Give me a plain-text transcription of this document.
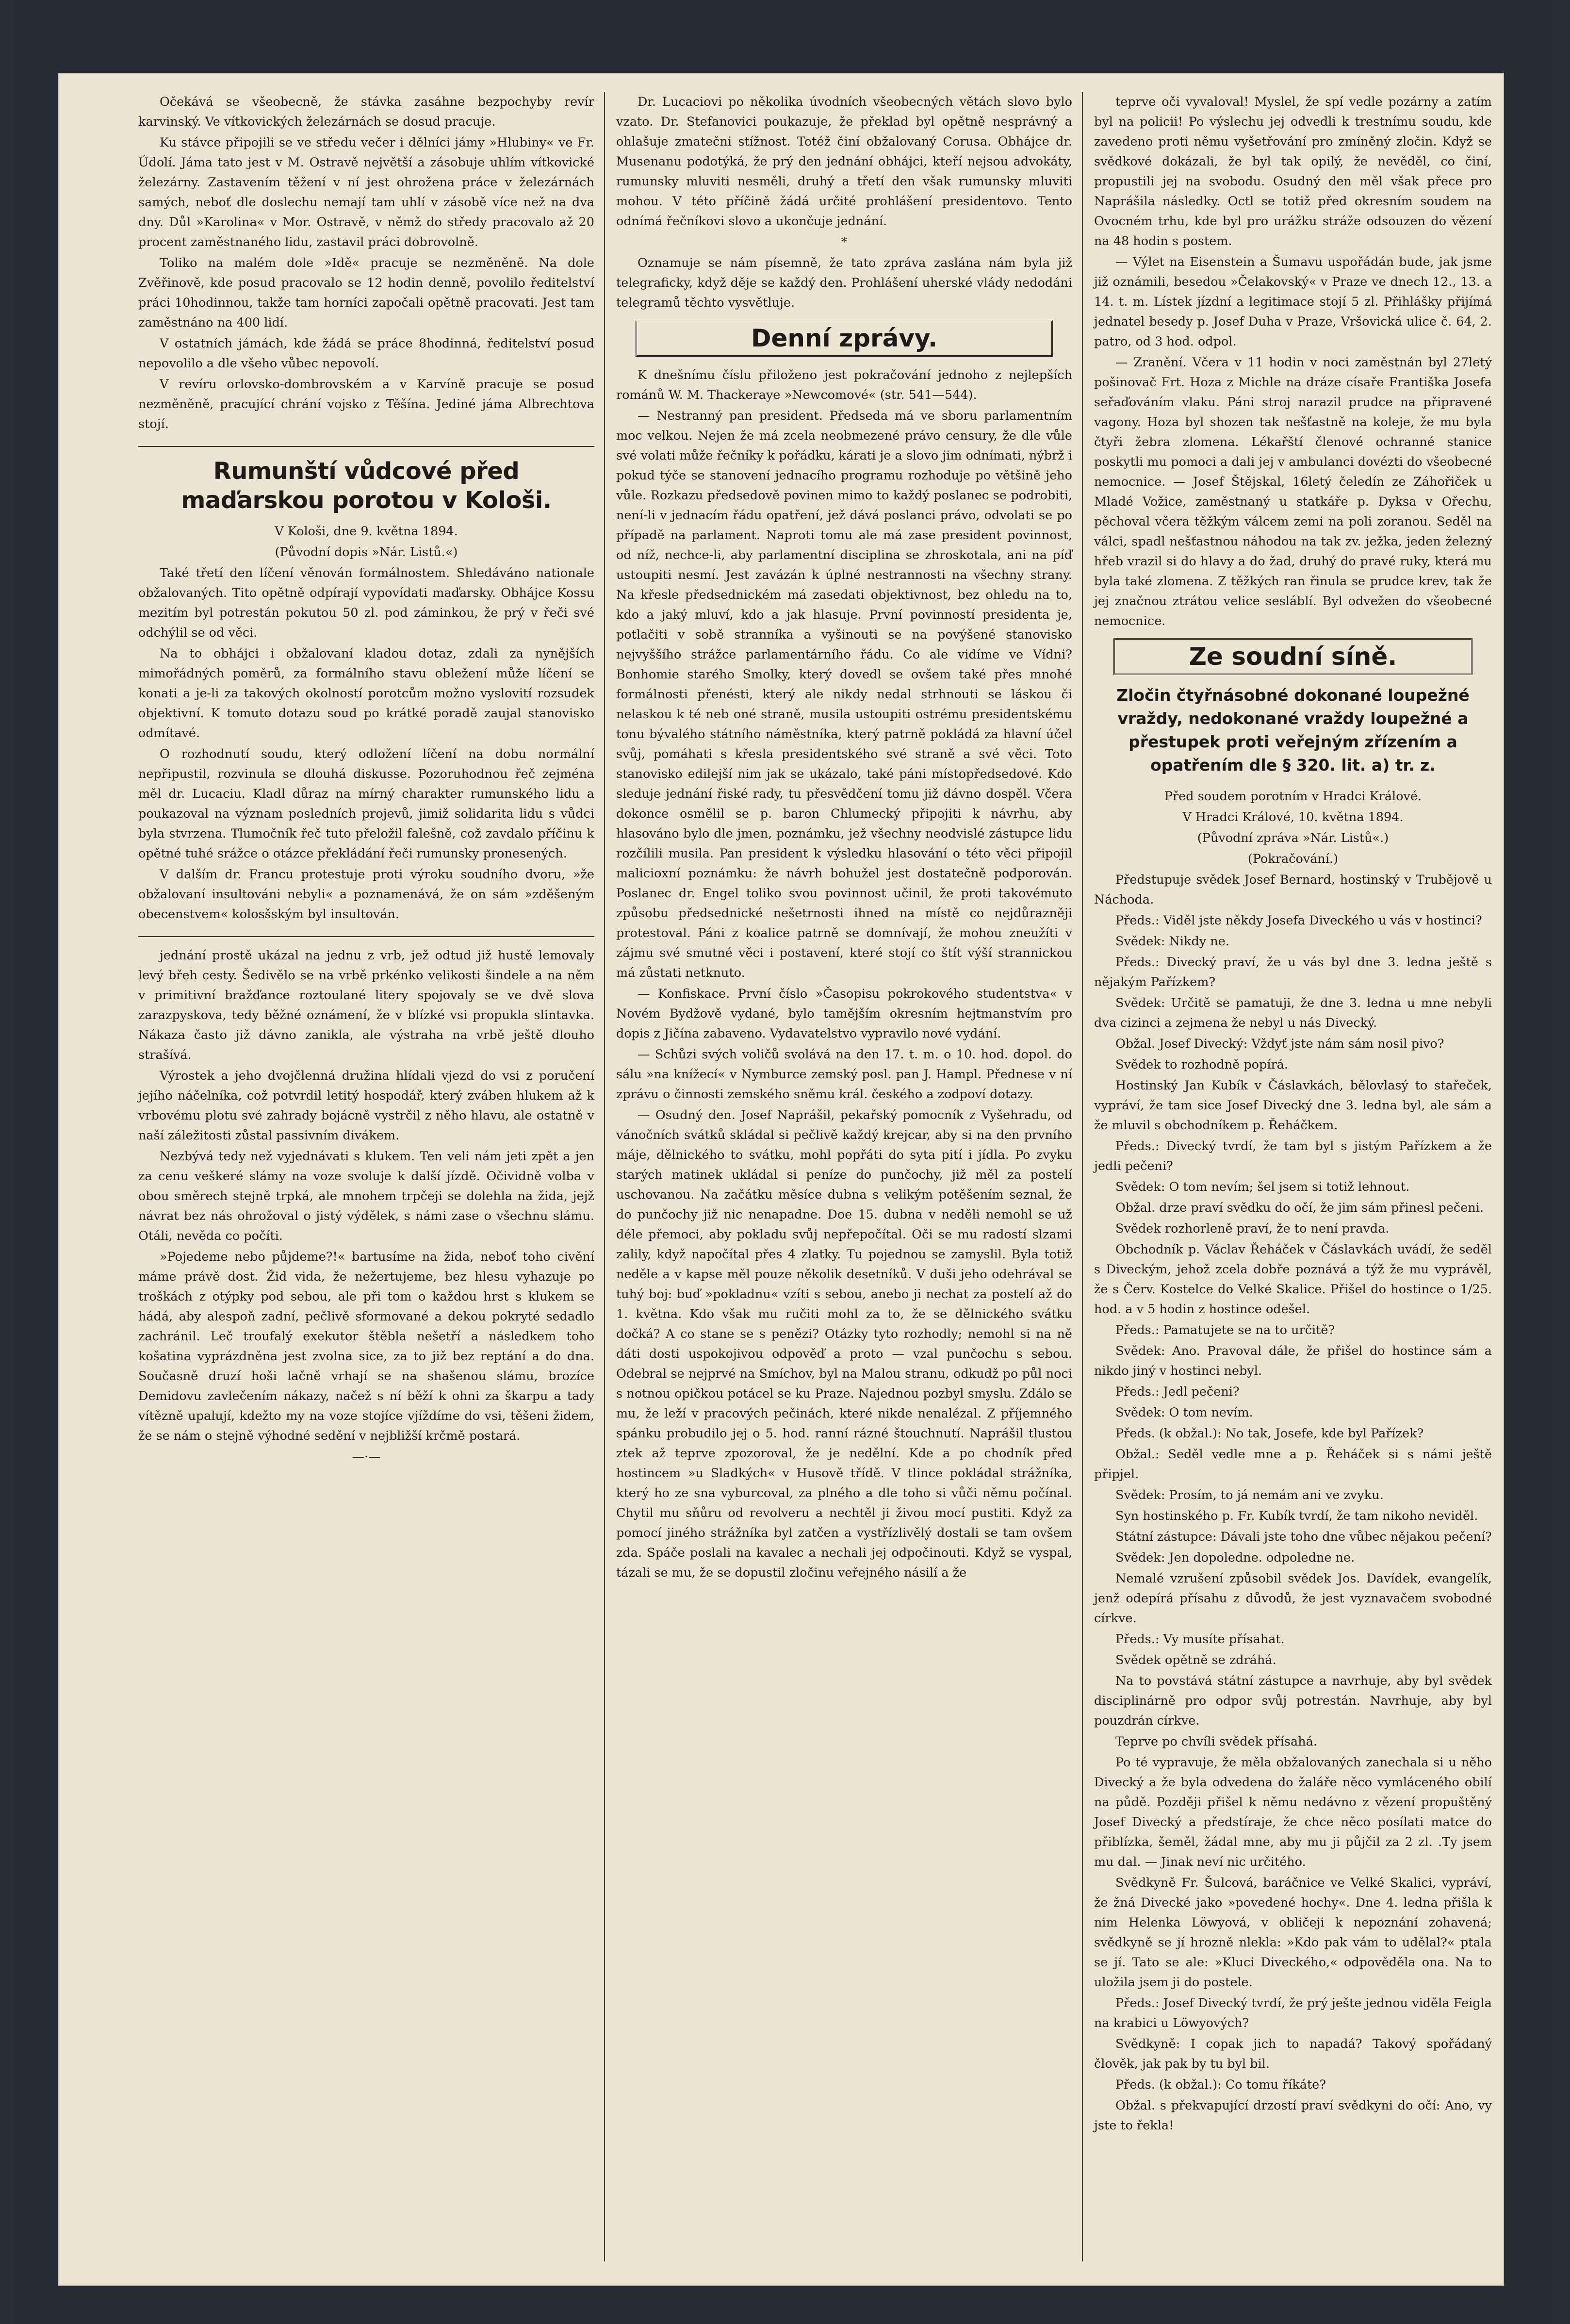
Očekává se všeobecně, že stávka zasáhne bezpochyby revír karvinský. Ve vítkovických železárnách se dosud pracuje.

Ku stávce připojili se ve středu večer i dělníci jámy »Hlubiny« ve Fr. Údolí. Jáma tato jest v M. Ostravě největší a zásobuje uhlím vítkovické železárny. Zastavením těžení v ní jest ohrožena práce v železárnách samých, neboť dle doslechu nemají tam uhlí v zásobě více než na dva dny. Důl »Karolina« v Mor. Ostravě, v němž do středy pracovalo až 20 procent zaměstnaného lidu, zastavil práci dobrovolně.

Toliko na malém dole »Idě« pracuje se nezměněně. Na dole Zvěřinově, kde posud pracovalo se 12 hodin denně, povolilo ředitelství práci 10hodinnou, takže tam horníci započali opětně pracovati. Jest tam zaměstnáno na 400 lidí.

V ostatních jámách, kde žádá se práce 8hodinná, ředitelství posud nepovolilo a dle všeho vůbec nepovolí.

V revíru orlovsko-dombrovském a v Karvíně pracuje se posud nezměněně, pracující chrání vojsko z Těšína. Jediné jáma Albrechtova stojí.

Rumunští vůdcové před maďarskou porotou v Kološi.

V Kološi, dne 9. května 1894.

(Původní dopis »Nár. Listů.«)

Také třetí den líčení věnován formálnostem. Shledáváno nationale obžalovaných. Tito opětně odpírají vypovídati maďarsky. Obhájce Kossu mezitím byl potrestán pokutou 50 zl. pod záminkou, že prý v řeči své odchýlil se od věci.

Na to obhájci i obžalovaní kladou dotaz, zdali za nynějších mimořádných poměrů, za formálního stavu obležení může líčení se konati a je-li za takových okolností porotcům možno vyslovití rozsudek objektivní. K tomuto dotazu soud po krátké poradě zaujal stanovisko odmítavé.

O rozhodnutí soudu, který odložení líčení na dobu normální nepřipustil, rozvinula se dlouhá diskusse. Pozoruhodnou řeč zejména měl dr. Lucaciu. Kladl důraz na mírný charakter rumunského lidu a poukazoval na význam posledních projevů, jimiž solidarita lidu s vůdci byla stvrzena. Tlumočník řeč tuto přeložil falešně, což zavdalo příčinu k opětné tuhé srážce o otázce překládání řeči rumunsky pronesených.

V dalším dr. Francu protestuje proti výroku soudního dvoru, »že obžalovaní insultováni nebyli« a poznamenává, že on sám »zděšeným obecenstvem« kolosšským byl insultován.

jednání prostě ukázal na jednu z vrb, jež odtud již hustě lemovaly levý břeh cesty. Šedivělo se na vrbě prkénko velikosti šindele a na něm v primitivní bražďance roztoulané litery spojovaly se ve dvě slova zarazpyskova, tedy běžné oznámení, že v blízké vsi propukla slintavka. Nákaza často již dávno zanikla, ale výstraha na vrbě ještě dlouho strašívá.

Výrostek a jeho dvojčlenná družina hlídali vjezd do vsi z poručení jejího náčelníka, což potvrdil letitý hospodář, který zváben hlukem až k vrbovému plotu své zahrady bojácně vystrčil z něho hlavu, ale ostatně v naší záležitosti zůstal passivním divákem.

Nezbývá tedy než vyjednávati s klukem. Ten veli nám jeti zpět a jen za cenu veškeré slámy na voze svoluje k další jízdě. Očividně volba v obou směrech stejně trpká, ale mnohem trpčeji se dolehla na žida, jejž návrat bez nás ohrožoval o jistý výdělek, s námi zase o všechnu slámu. Otáli, nevěda co počíti.

»Pojedeme nebo půjdeme?!« bartusíme na žida, neboť toho civění máme právě dost. Žid vida, že nežertujeme, bez hlesu vyhazuje po troškách z otýpky pod sebou, ale při tom o každou hrst s klukem se hádá, aby alespoň zadní, pečlivě sformované a dekou pokryté sedadlo zachránil. Leč troufalý exekutor štěbla nešetří a následkem toho košatina vyprázdněna jest zvolna sice, za to již bez reptání a do dna. Současně druzí hoši lačně vrhají se na shašenou slámu, brozíce Demidovu zavlečením nákazy, načež s ní běží k ohni za škarpu a tady vítězně upalují, kdežto my na voze stojíce vjíždíme do vsi, těšeni židem, že se nám o stejně výhodné sedění v nejbližší krčmě postará.

—·—

Dr. Lucaciovi po několika úvodních všeobecných větách slovo bylo vzato. Dr. Stefanovici poukazuje, že překlad byl opětně nesprávný a ohlašuje zmatečni stížnost. Totéž činí obžalovaný Corusa. Obhájce dr. Musenanu podotýká, že prý den jednání obhájci, kteří nejsou advokáty, rumunsky mluviti nesměli, druhý a třetí den však rumunsky mluviti mohou. V této příčině žádá určité prohlášení presidentovo. Tento odnímá řečníkovi slovo a ukončuje jednání.

*

Oznamuje se nám písemně, že tato zpráva zaslána nám byla již telegraficky, když děje se každý den. Prohlášení uherské vlády nedodáni telegramů těchto vysvětluje.

Denní zprávy.

K dnešnímu číslu přiloženo jest pokračování jednoho z nejlepších románů W. M. Thackeraye »Newcomové« (str. 541—544).

— Nestranný pan president. Předseda má ve sboru parlamentním moc velkou. Nejen že má zcela neobmezené právo censury, že dle vůle své volati může řečníky k pořádku, kárati je a slovo jim odnímati, nýbrž i pokud týče se stanovení jednacího programu rozhoduje po většině jeho vůle. Rozkazu předsedově povinen mimo to každý poslanec se podrobiti, není-li v jednacím řádu opatření, jež dává poslanci právo, odvolati se po případě na parlament. Naproti tomu ale má zase president povinnost, od níž, nechce-li, aby parlamentní disciplina se zhroskotala, ani na píď ustoupiti nesmí. Jest zavázán k úplné nestrannosti na všechny strany. Na křesle předsednickém má zasedati objektivnost, bez ohledu na to, kdo a jaký mluví, kdo a jak hlasuje. První povinností presidenta je, potlačiti v sobě stranníka a vyšinouti se na povýšené stanovisko nejvyššího strážce parlamentárního řádu. Co ale vidíme ve Vídni? Bonhomie starého Smolky, který dovedl se ovšem také přes mnohé formálnosti přenésti, který ale nikdy nedal strhnouti se láskou či nelaskou k té neb oné straně, musila ustoupiti ostrému presidentskému tonu bývalého státního náměstníka, který patrně pokládá za hlavní účel svůj, pomáhati s křesla presidentského své straně a své věci. Toto stanovisko edilejší nim jak se ukázalo, také páni místopředsedové. Kdo sleduje jednání řiské rady, tu přesvědčení tomu již dávno dospěl. Včera dokonce osmělil se p. baron Chlumecký připojiti k návrhu, aby hlasováno bylo dle jmen, poznámku, jež všechny neodvislé zástupce lidu rozčílili musila. Pan president k výsledku hlasování o této věci připojil malicioxní poznámku: že návrh bohužel jest dostatečně podporován. Poslanec dr. Engel toliko svou povinnost učinil, že proti takovémuto způsobu předsednické nešetrnosti ihned na místě co nejdůrazněji protestoval. Páni z koalice patrně se domnívají, že mohou zneužíti v zájmu své smutné věci i postavení, které stojí co štít výší strannickou má zůstati netknuto.

— Konfiskace. První číslo »Časopisu pokrokového studentstva« v Novém Bydžově vydané, bylo tamějším okresním hejtmanstvím pro dopis z Jičína zabaveno. Vydavatelstvo vypravilo nové vydání.

— Schůzi svých voličů svolává na den 17. t. m. o 10. hod. dopol. do sálu »na knížecí« v Nymburce zemský posl. pan J. Hampl. Přednese v ní zprávu o činnosti zemského sněmu král. českého a zodpoví dotazy.

— Osudný den. Josef Naprášil, pekařský pomocník z Vyšehradu, od vánočních svátků skládal si pečlivě každý krejcar, aby si na den prvního máje, dělnického to svátku, mohl popřáti do syta pití i jídla. Po zvyku starých matinek ukládal si peníze do punčochy, již měl za postelí uschovanou. Na začátku měsíce dubna s velikým potěšením seznal, že do punčochy již nic nenapadne. Doe 15. dubna v neděli nemohl se už déle přemoci, aby pokladu svůj nepřepočítal. Oči se mu radostí slzami zalily, když napočítal přes 4 zlatky. Tu pojednou se zamyslil. Byla totiž neděle a v kapse měl pouze několik desetníků. V duši jeho odehrával se tuhý boj: buď »pokladnu« vzíti s sebou, anebo ji nechat za postelí až do 1. května. Kdo však mu ručiti mohl za to, že se dělnického svátku dočká? A co stane se s penězi? Otázky tyto rozhodly; nemohl si na ně dáti dosti uspokojivou odpověď a proto — vzal punčochu s sebou. Odebral se nejprvé na Smíchov, byl na Malou stranu, odkudž po půl noci s notnou opičkou potácel se ku Praze. Najednou pozbyl smyslu. Zdálo se mu, že leží v pracových pečinách, které nikde nenalézal. Z příjemného spánku probudilo jej o 5. hod. ranní rázné štouchnutí. Naprášil tlustou ztek až teprve zpozoroval, že je nedělní. Kde a po chodník před hostincem »u Sladkých« v Husově třídě. V tlince pokládal strážníka, který ho ze sna vyburcoval, za plného a dle toho si vůči němu počínal. Chytil mu sňůru od revolveru a nechtěl ji živou mocí pustiti. Když za pomocí jiného strážníka byl zatčen a vystřízlivělý dostali se tam ovšem zda. Spáče poslali na kavalec a nechali jej odpočinouti. Když se vyspal, tázali se mu, že se dopustil zločinu veřejného násilí a že

teprve oči vyvaloval! Myslel, že spí vedle pozárny a zatím byl na policii! Po výslechu jej odvedli k trestnímu soudu, kde zavedeno proti němu vyšetřování pro zmíněný zločin. Když se svědkové dokázali, že byl tak opilý, že nevěděl, co činí, propustili jej na svobodu. Osudný den měl však přece pro Naprášila následky. Octl se totiž před okresním soudem na Ovocném trhu, kde byl pro urážku stráže odsouzen do vězení na 48 hodin s postem.

— Výlet na Eisenstein a Šumavu uspořádán bude, jak jsme již oznámili, besedou »Čelakovský« v Praze ve dnech 12., 13. a 14. t. m. Lístek jízdní a legitimace stojí 5 zl. Přihlášky přijímá jednatel besedy p. Josef Duha v Praze, Vršovická ulice č. 64, 2. patro, od 3 hod. odpol.

— Zranění. Včera v 11 hodin v noci zaměstnán byl 27letý pošinovač Frt. Hoza z Michle na dráze císaře Františka Josefa seřaďováním vlaku. Páni stroj narazil prudce na připravené vagony. Hoza byl shozen tak nešťastně na koleje, že mu byla čtyři žebra zlomena. Lékařští členové ochranné stanice poskytli mu pomoci a dali jej v ambulanci dovézti do všeobecné nemocnice. — Josef Štějskal, 16letý čeledín ze Záhořiček u Mladé Vožice, zaměstnaný u statkáře p. Dyksa v Ořechu, pěchoval včera těžkým válcem zemi na poli zoranou. Seděl na válci, spadl nešťastnou náhodou na tak zv. ježka, jeden železný hřeb vrazil si do hlavy a do žad, druhý do pravé ruky, která mu byla také zlomena. Z těžkých ran řinula se prudce krev, tak že jej značnou ztrátou velice sesláblí. Byl odvežen do všeobecné nemocnice.

Ze soudní síně.
Zločin čtyřnásobné dokonané loupežné vraždy, nedokonané vraždy loupežné a přestupek proti veřejným zřízením a opatřením dle § 320. lit. a) tr. z.

Před soudem porotním v Hradci Králové.

V Hradci Králové, 10. května 1894.

(Původní zpráva »Nár. Listů«.)

(Pokračování.)

Předstupuje svědek Josef Bernard, hostinský v Trubějově u Náchoda.

Předs.: Viděl jste někdy Josefa Diveckého u vás v hostinci?

Svědek: Nikdy ne.

Předs.: Divecký praví, že u vás byl dne 3. ledna ještě s nějakým Pařízkem?

Svědek: Určitě se pamatuji, že dne 3. ledna u mne nebyli dva cizinci a zejmena že nebyl u nás Divecký.

Obžal. Josef Divecký: Vždyť jste nám sám nosil pivo?

Svědek to rozhodně popírá.

Hostinský Jan Kubík v Čáslavkách, bělovlasý to stařeček, vypráví, že tam sice Josef Divecký dne 3. ledna byl, ale sám a že mluvil s obchodníkem p. Řeháčkem.

Předs.: Divecký tvrdí, že tam byl s jistým Pařízkem a že jedli pečeni?

Svědek: O tom nevím; šel jsem si totiž lehnout.

Obžal. drze praví svědku do očí, že jim sám přinesl pečeni.

Svědek rozhorleně praví, že to není pravda.

Obchodník p. Václav Řeháček v Čáslavkách uvádí, že seděl s Diveckým, jehož zcela dobře poznává a týž že mu vyprávěl, že s Červ. Kostelce do Velké Skalice. Přišel do hostince o 1/25. hod. a v 5 hodin z hostince odešel.

Předs.: Pamatujete se na to určitě?

Svědek: Ano. Pravoval dále, že přišel do hostince sám a nikdo jiný v hostinci nebyl.

Předs.: Jedl pečeni?

Svědek: O tom nevím.

Předs. (k obžal.): No tak, Josefe, kde byl Pařízek?

Obžal.: Seděl vedle mne a p. Řeháček si s námi ještě připjel.

Svědek: Prosím, to já nemám ani ve zvyku.

Syn hostinského p. Fr. Kubík tvrdí, že tam nikoho neviděl.

Státní zástupce: Dávali jste toho dne vůbec nějakou pečení?

Svědek: Jen dopoledne. odpoledne ne.

Nemalé vzrušení způsobil svědek Jos. Davídek, evangelík, jenž odepírá přísahu z důvodů, že jest vyznavačem svobodné církve.

Předs.: Vy musíte přísahat.

Svědek opětně se zdráhá.

Na to povstává státní zástupce a navrhuje, aby byl svědek disciplinárně pro odpor svůj potrestán. Navrhuje, aby byl pouzdrán církve.

Teprve po chvíli svědek přísahá.

Po té vypravuje, že měla obžalovaných zanechala si u něho Divecký a že byla odvedena do žaláře něco vymláceného obilí na půdě. Později přišel k němu nedávno z vězení propuštěný Josef Divecký a předstíraje, že chce něco posílati matce do přiblízka, šeměl, žádal mne, aby mu ji půjčil za 2 zl. .Ty jsem mu dal. — Jinak neví nic určitého.

Svědkyně Fr. Šulcová, baráčnice ve Velké Skalici, vypráví, že žná Divecké jako »povedené hochy«. Dne 4. ledna přišla k nim Helenka Löwyová, v obličeji k nepoznání zohavená; svědkyně se jí hrozně nlekla: »Kdo pak vám to udělal?« ptala se jí. Tato se ale: »Kluci Diveckého,« odpověděla ona. Na to uložila jsem ji do postele.

Předs.: Josef Divecký tvrdí, že prý ješte jednou viděla Feigla na krabici u Löwyových?

Svědkyně: I copak jich to napadá? Takový spořádaný člověk, jak pak by tu byl bil.

Předs. (k obžal.): Co tomu říkáte?

Obžal. s překvapující drzostí praví svědkyni do očí: Ano, vy jste to řekla!
